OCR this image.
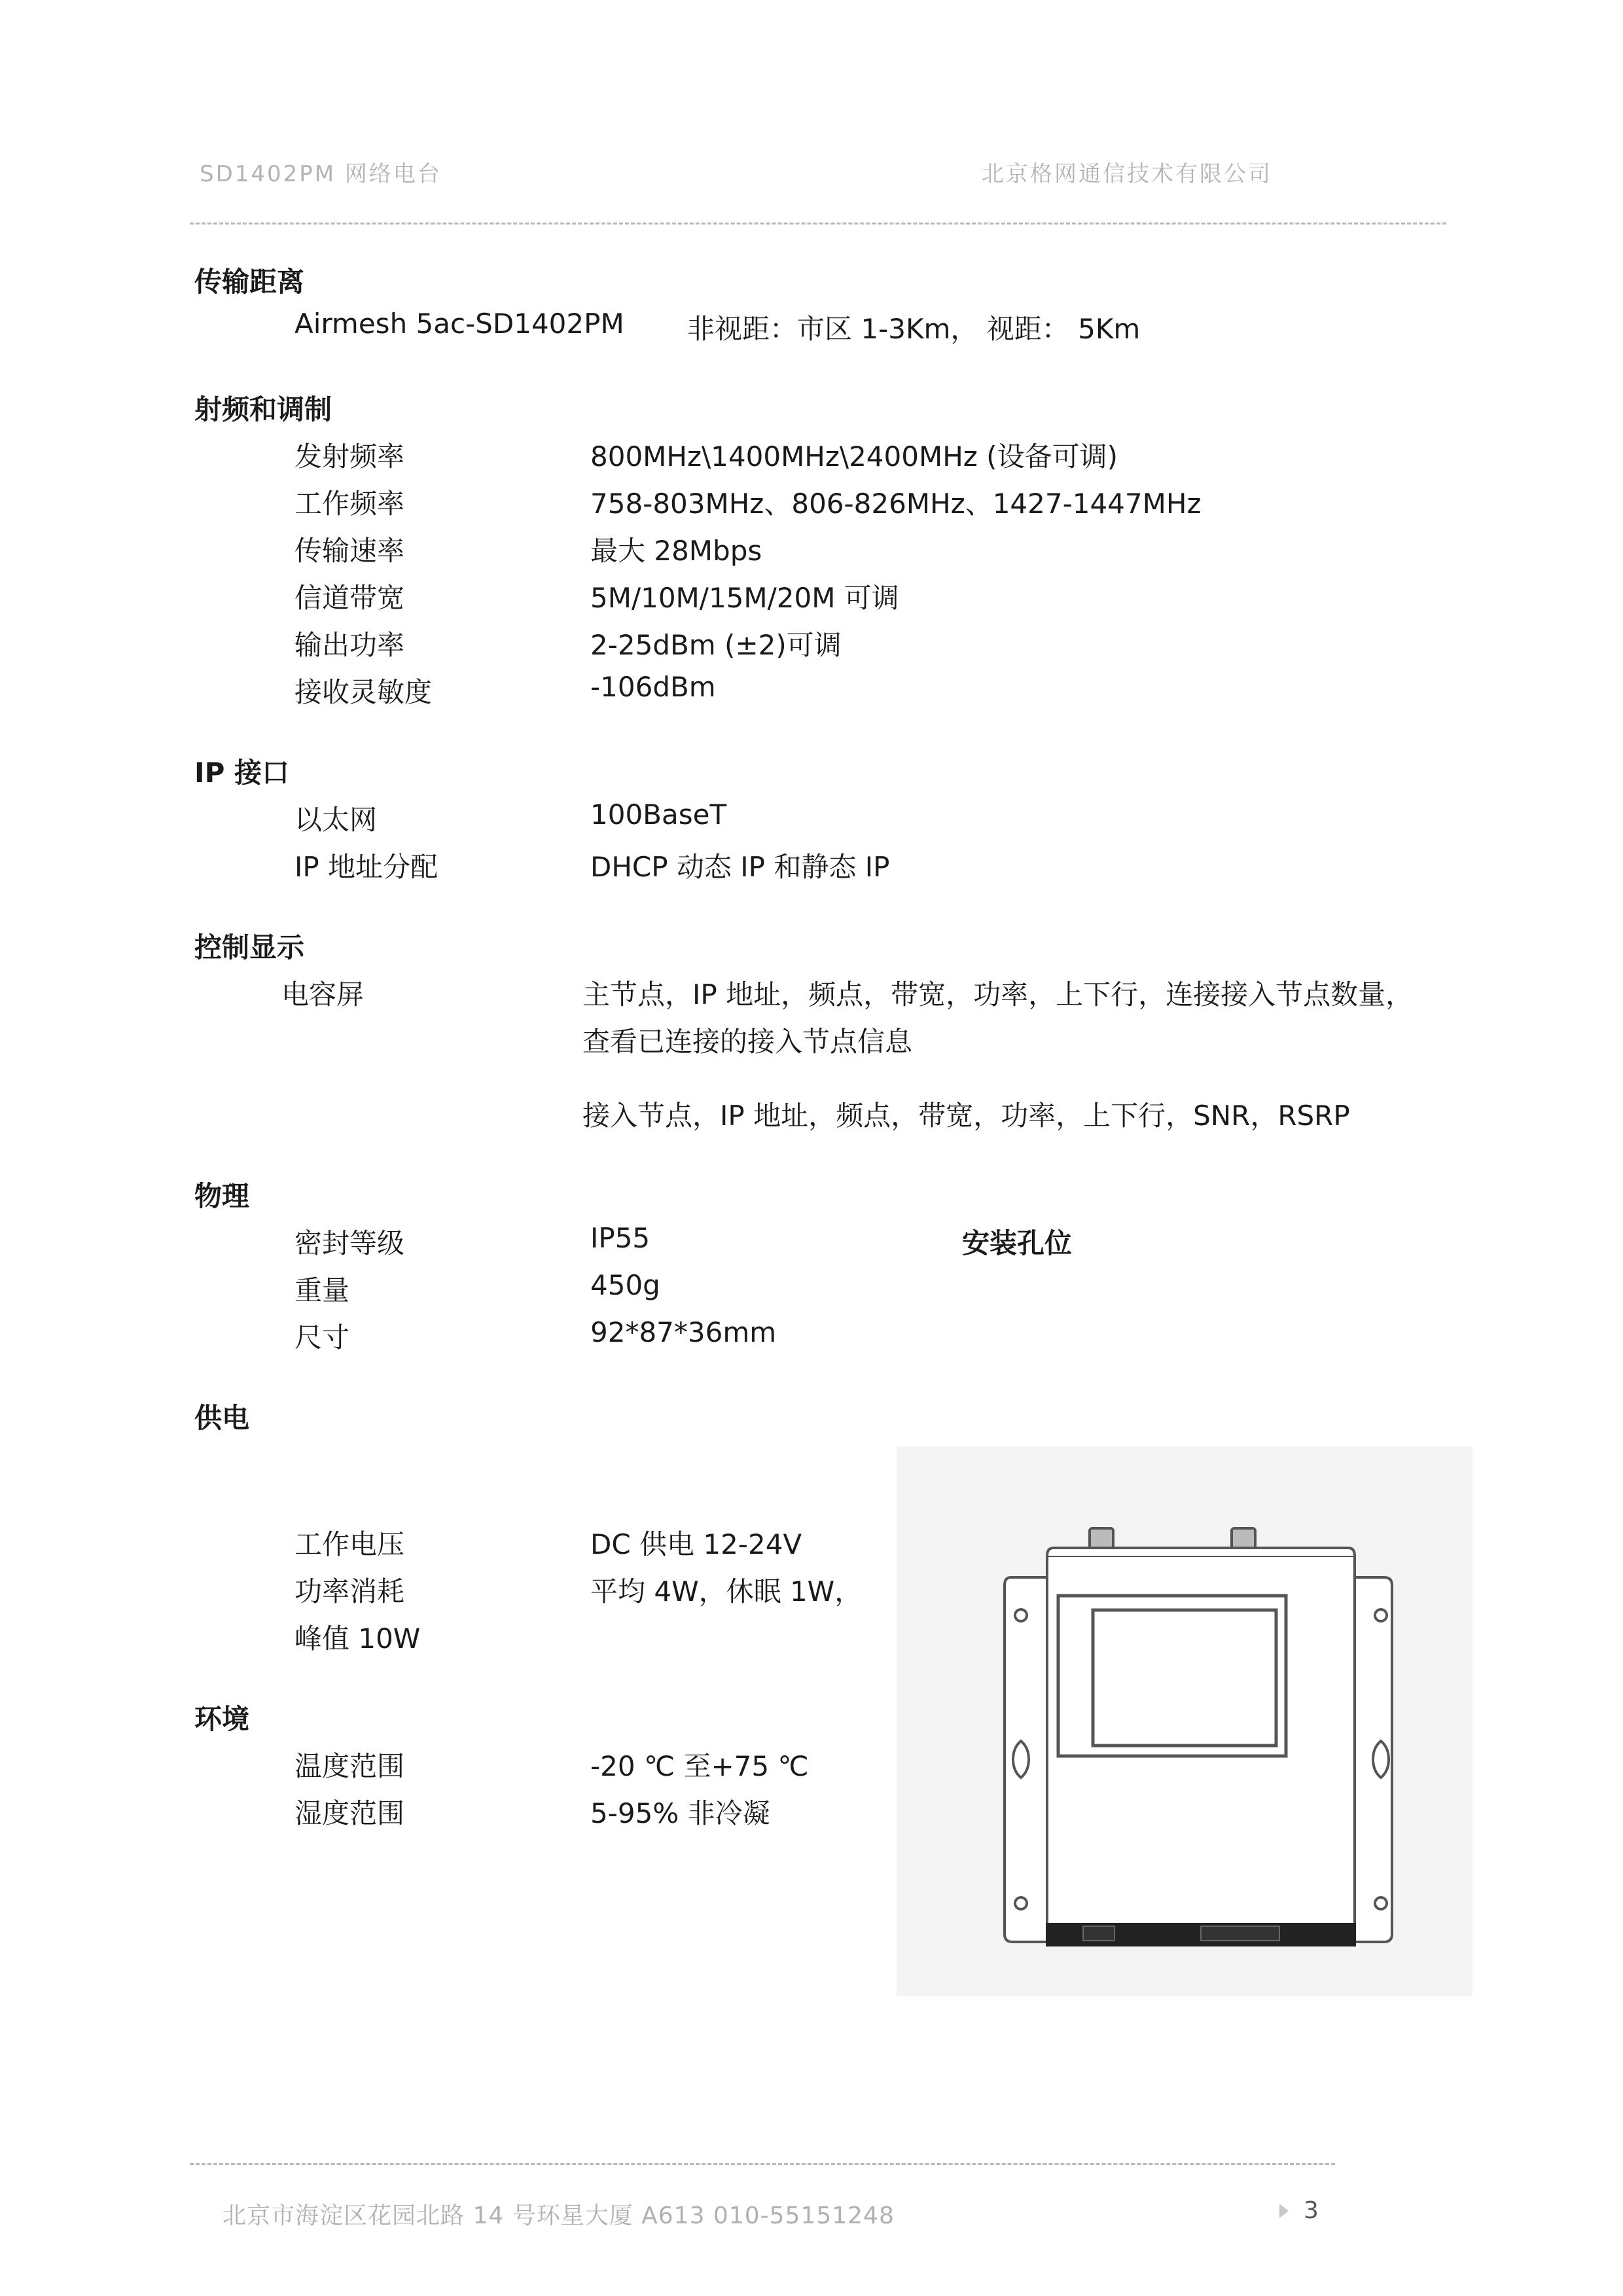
SD1402PM 网络电台	北京格网通信技术有限公司
传输距离
Airmesh 5ac-SD1402PM 非视距：市区 1-3Km， 视距： 5Km
射频和调制
发射频率	800MHz\1400MHz\2400MHz (设备可调)
工作频率	758-803MHz、806-826MHz、1427-1447MHz
传输速率	最大 28Mbps
信道带宽	5M/10M/15M/20M 可调
输出功率	2-25dBm (±2)可调
接收灵敏度	-106dBm
IP 接口
以太网	100BaseT
IP 地址分配	DHCP 动态 IP 和静态 IP
控制显示
电容屏	主节点，IP 地址，频点，带宽，功率，上下行，连接接入节点数量，
查看已连接的接入节点信息
接入节点，IP 地址，频点，带宽，功率，上下行，SNR，RSRP
物理
密封等级	IP55	安装孔位
重量	450g
尺寸	92*87*36mm
供电
工作电压	DC 供电 12-24V
功率消耗	平均 4W，休眠 1W，
峰值 10W
环境
温度范围	-20 ℃ 至+75 ℃
湿度范围	5-95% 非冷凝
北京市海淀区花园北路 14 号环星大厦 A613 010-55151248	3
